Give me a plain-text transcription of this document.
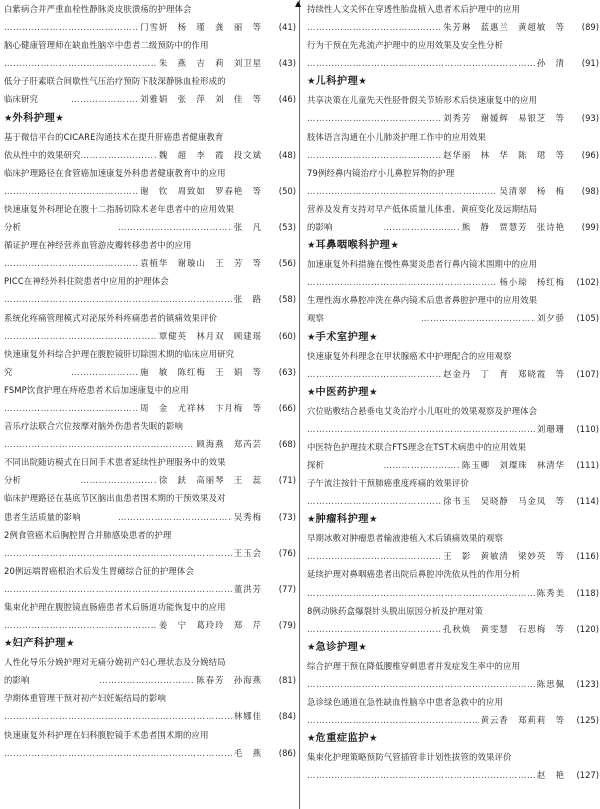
▲
白紫病合并严重血栓性静脉炎皮肤溃疡的护理体会
…………………………………………………………………………………………………………………………………………………………………………………………
门雪妍　杨　瑾　龚　丽　等	(41)
脑心健康管理师在缺血性脑卒中患者二级预防中的作用
…………………………………………………………………………………………………………………………………………………………………………………………
朱　燕　吉　莉　刘卫星	(43)
低分子肝素联合间歇性气压治疗预防下肢深静脉血栓形成的
临床研究 …………………………………………………………………………………………………………………………………………………………………………………………	刘雅娟　张　萍　刘　佳　等	(46)
★ 外科护理 ★
基于微信平台的CICARE沟通技术在提升肝癌患者健康教育
依从性中的效果研究 …………………………………………………………………………………………………………………………………………………………………………………………	魏　超　李　霞　段文斌	(48)
临床护理路径在食管癌加速康复外科患者健康教育中的应用
…………………………………………………………………………………………………………………………………………………………………………………………
谢　钦　周致如　罗春艳　等	(50)
快速康复外科理论在腹十二指肠切除术老年患者中的应用效果
分析 …………………………………………………………………………………………………………………………………………………………………………………………	张　凡	(53)
循证护理在神经营养血管游皮瓣转移患者中的应用
…………………………………………………………………………………………………………………………………………………………………………………………
袁植华　谢璇山　王　芳　等	(56)
PICC在神经外科住院患者中应用的护理体会
…………………………………………………………………………………………………………………………………………………………………………………………
张　路	(58)
系统化疼痛管理模式对泌尿外科疼痛患者的镇痛效果评价
…………………………………………………………………………………………………………………………………………………………………………………………
覃健英　林月双　顾建瑶	(60)
快速康复外科综合护理在腹腔镜肝切除围术期的临床应用研究
究 …………………………………………………………………………………………………………………………………………………………………………………………	施　敏　陈红梅　王　娟　等	(63)
FSMP饮食护理在痔疮患者术后加速康复中的应用
…………………………………………………………………………………………………………………………………………………………………………………………
周　金　尤祥林　卞月梅　等	(66)
音乐疗法联合穴位按摩对脑外伤患者失眠的影响
…………………………………………………………………………………………………………………………………………………………………………………………
顾海燕　郑芮芸	(68)
不同出院随访模式在日间手术患者延续性护理服务中的效果
分析 …………………………………………………………………………………………………………………………………………………………………………………………	徐　鈇　高丽琴　王　蕊	(71)
临床护理路径在基底节区脑出血患者围术期的干预效果及对
患者生活质量的影响 …………………………………………………………………………………………………………………………………………………………………………………………	吴秀梅	(73)
2例食管癌术后胸腔胃合并肺感染患者的护理
…………………………………………………………………………………………………………………………………………………………………………………………
王玉会	(76)
20例远端胃癌根治术后发生胃瘫综合征的护理体会
…………………………………………………………………………………………………………………………………………………………………………………………
董洪芳	(77)
集束化护理在腹腔镜直肠癌患者术后肠道功能恢复中的应用
…………………………………………………………………………………………………………………………………………………………………………………………
姜　宁　葛玲玲　郑　芹	(79)
★ 妇产科护理 ★
人性化导乐分娩护理对无痛分娩初产妇心理状态及分娩结局
的影响 …………………………………………………………………………………………………………………………………………………………………………………………	陈春芳　孙海燕	(81)
孕期体重管理干预对初产妇妊娠结局的影响
…………………………………………………………………………………………………………………………………………………………………………………………
林娜佳	(84)
快速康复外科护理在妇科腹腔镜手术患者围术期的应用
…………………………………………………………………………………………………………………………………………………………………………………………
毛　燕	(86)
持续性人文关怀在穿透性胎盘植入患者术后护理中的应用
…………………………………………………………………………………………………………………………………………………………………………………………
朱芳琳　蓝惠兰　黄超敏　等	(89)
行为干预在先兆流产护理中的应用效果及安全性分析
…………………………………………………………………………………………………………………………………………………………………………………………
孙　清	(91)
★ 儿科护理 ★
共享决策在儿童先天性胫骨假关节矫形术后快速康复中的应用
…………………………………………………………………………………………………………………………………………………………………………………………
刘秀芳　谢媛辉　易银芝　等	(93)
肢体语言沟通在小儿肺炎护理工作中的应用效果
…………………………………………………………………………………………………………………………………………………………………………………………
赵华丽　林　华　陈　珺　等	(96)
79例经鼻内镜治疗小儿鼻腔异物的护理
…………………………………………………………………………………………………………………………………………………………………………………………
吴清翠　杨　梅	(98)
营养及发育支持对早产低体质量儿体重、黄疸变化及远期结局
的影响 …………………………………………………………………………………………………………………………………………………………………………………………	熊　静　贾慧芳　张诗艳	(99)
★ 耳鼻咽喉科护理 ★
加速康复外科措施在慢性鼻窦炎患者行鼻内镜术围期中的应用
…………………………………………………………………………………………………………………………………………………………………………………………
杨小琼　杨红梅	(102)
生理性海水鼻腔冲洗在鼻内镜术后患者鼻腔护理中的应用效果
观察 …………………………………………………………………………………………………………………………………………………………………………………………	刘夕骄	(105)
★ 手术室护理 ★
快速康复外科理念在甲状腺癌术中护理配合的应用观察
…………………………………………………………………………………………………………………………………………………………………………………………
赵金丹　丁　育　郑晓霞　等	(107)
★ 中医药护理 ★
穴位贴敷结合悬垂电艾灸治疗小儿呕吐的效果观察及护理体会
…………………………………………………………………………………………………………………………………………………………………………………………
刘珊珊	(110)
中医特色护理技术联合FTS理念在TST术病患中的应用效果
探析 …………………………………………………………………………………………………………………………………………………………………………………………	陈玉卿　刘璨珠　林清华	(111)
子午流注按针干预肺癌重度疼痛的效果评价
…………………………………………………………………………………………………………………………………………………………………………………………
徐书玉　吴晓静　马金凤　等	(114)
★ 肿瘤科护理 ★
早期冰敷对肿瘤患者输液港植入术后镇痛效果的观察
…………………………………………………………………………………………………………………………………………………………………………………………
王　影　黄敏清　梁妙英　等	(116)
延续护理对鼻咽癌患者出院后鼻腔冲洗依从性的作用分析
…………………………………………………………………………………………………………………………………………………………………………………………
陈秀美	(118)
8例动脉药盒爆裂针头脱出原因分析及护理对策
…………………………………………………………………………………………………………………………………………………………………………………………
孔秋焕　黄雯慧　石思梅　等	(120)
★ 急诊护理 ★
综合护理干预在降低腰椎穿刺患者并发症发生率中的应用
…………………………………………………………………………………………………………………………………………………………………………………………
陈思佩	(123)
急诊绿色通道在急性缺血性脑卒中患者急救中的应用
…………………………………………………………………………………………………………………………………………………………………………………………
黄云香　郑莉莉　等	(125)
★ 危重症监护 ★
集束化护理策略预防气管插管非计划性拔管的效果评价
…………………………………………………………………………………………………………………………………………………………………………………………
赵　艳	(127)
